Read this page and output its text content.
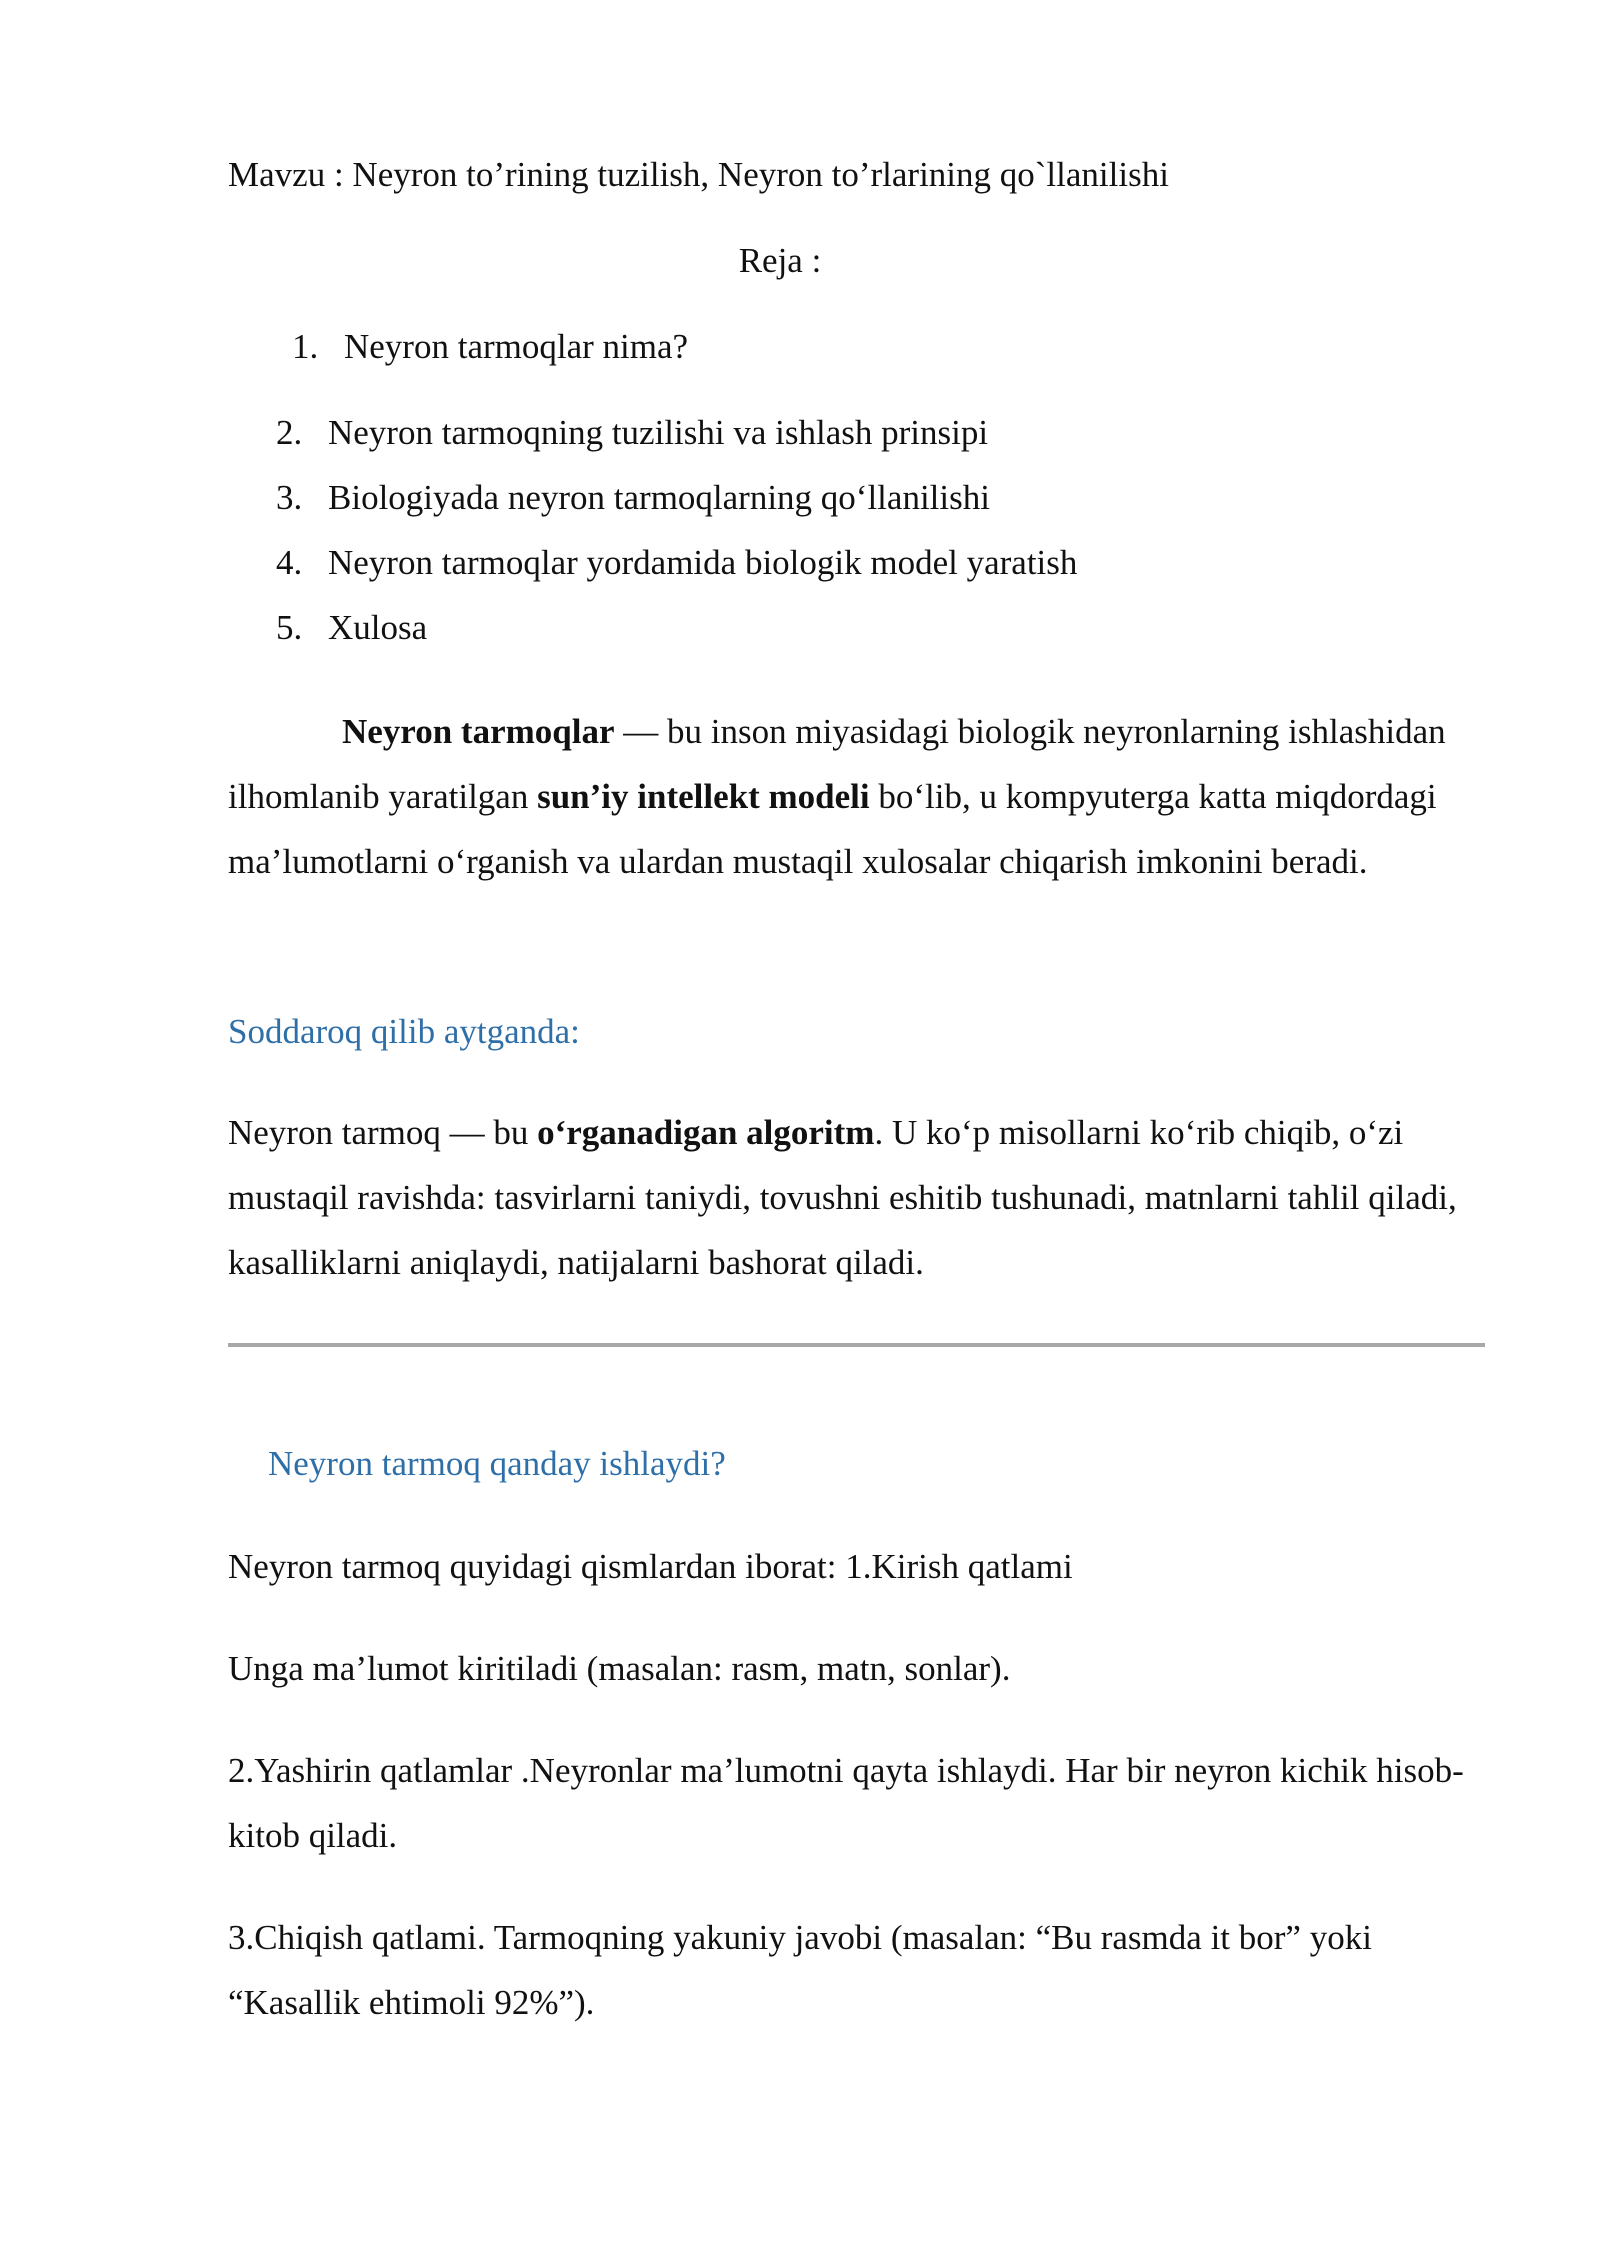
Mavzu : Neyron to’rining tuzilish, Neyron to’rlarining qo`llanilishi

Reja :

1. Neyron tarmoqlar nima?

2. Neyron tarmoqning tuzilishi va ishlash prinsipi

3. Biologiyada neyron tarmoqlarning qo‘llanilishi

4. Neyron tarmoqlar yordamida biologik model yaratish

5. Xulosa

Neyron tarmoqlar — bu inson miyasidagi biologik neyronlarning ishlashidan ilhomlanib yaratilgan sun’iy intellekt modeli bo‘lib, u kompyuterga katta miqdordagi ma’lumotlarni o‘rganish va ulardan mustaqil xulosalar chiqarish imkonini beradi.

Soddaroq qilib aytganda:

Neyron tarmoq — bu o‘rganadigan algoritm. U ko‘p misollarni ko‘rib chiqib, o‘zi mustaqil ravishda: tasvirlarni taniydi, tovushni eshitib tushunadi, matnlarni tahlil qiladi, kasalliklarni aniqlaydi, natijalarni bashorat qiladi.

Neyron tarmoq qanday ishlaydi?

Neyron tarmoq quyidagi qismlardan iborat: 1.Kirish qatlami

Unga ma’lumot kiritiladi (masalan: rasm, matn, sonlar).

2.Yashirin qatlamlar .Neyronlar ma’lumotni qayta ishlaydi. Har bir neyron kichik hisob-kitob qiladi.

3.Chiqish qatlami. Tarmoqning yakuniy javobi (masalan: “Bu rasmda it bor” yoki “Kasallik ehtimoli 92%”).
